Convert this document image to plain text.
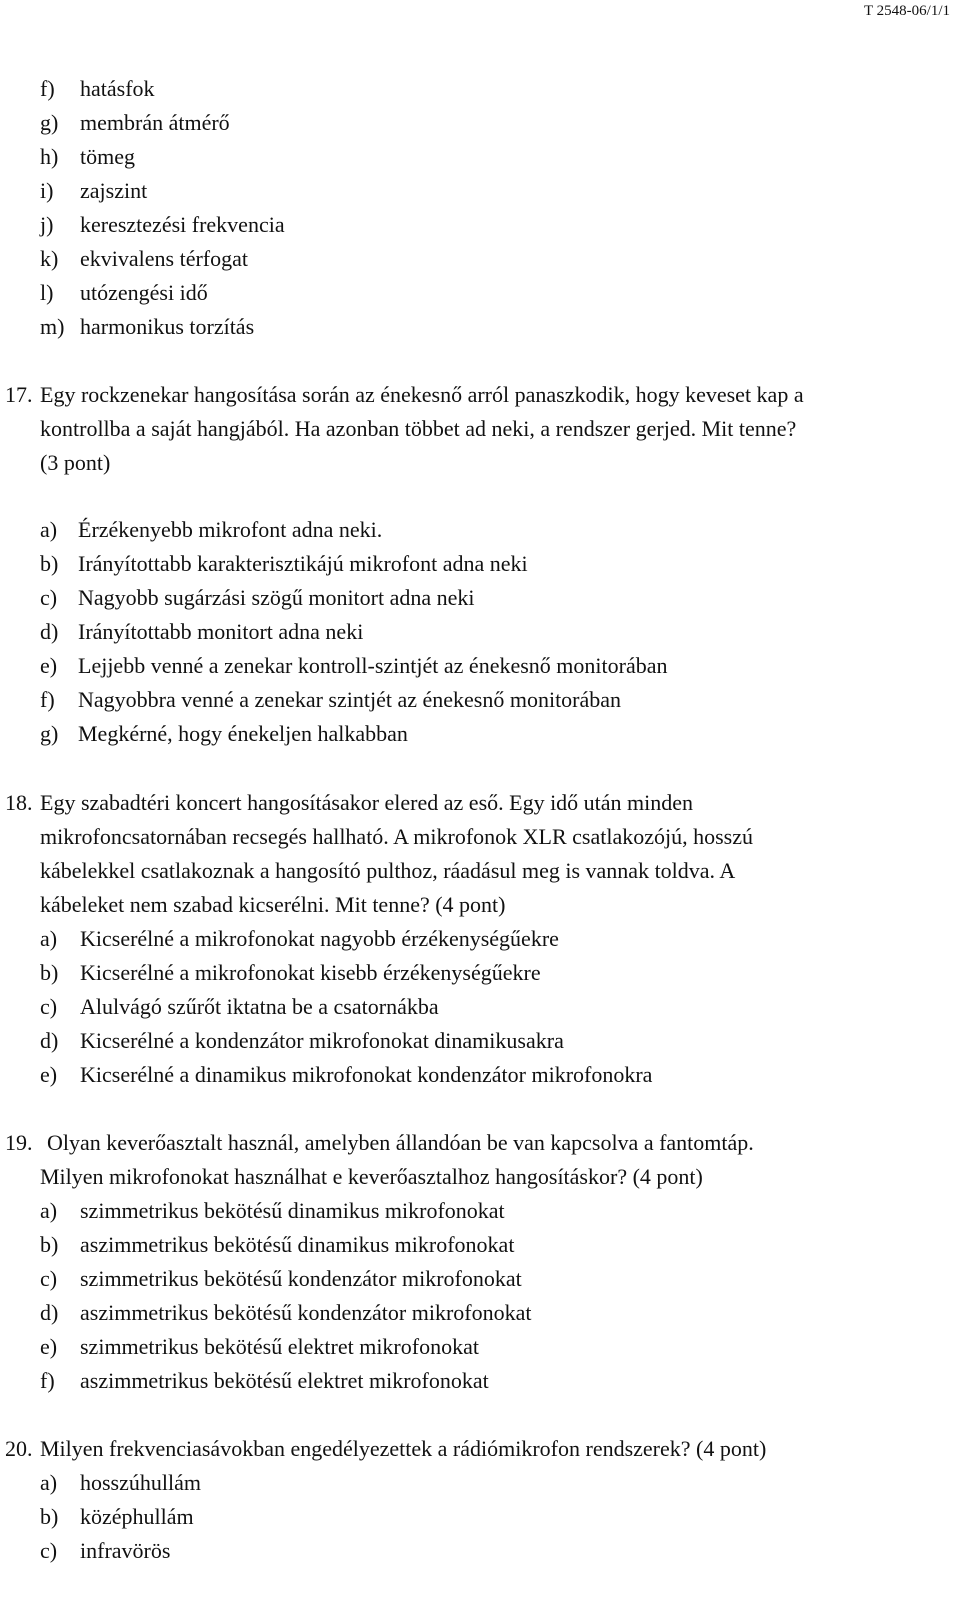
T 2548-06/1/1
f) hatásfok
g) membrán átmérő
h) tömeg
i) zajszint
j) keresztezési frekvencia
k) ekvivalens térfogat
l) utózengési idő
m) harmonikus torzítás
17. Egy rockzenekar hangosítása során az énekesnő arról panaszkodik, hogy keveset kap a
kontrollba a saját hangjából. Ha azonban többet ad neki, a rendszer gerjed. Mit tenne?
(3 pont)
a) Érzékenyebb mikrofont adna neki.
b) Irányítottabb karakterisztikájú mikrofont adna neki
c) Nagyobb sugárzási szögű monitort adna neki
d) Irányítottabb monitort adna neki
e) Lejjebb venné a zenekar kontroll-szintjét az énekesnő monitorában
f) Nagyobbra venné a zenekar szintjét az énekesnő monitorában
g) Megkérné, hogy énekeljen halkabban
18. Egy szabadtéri koncert hangosításakor elered az eső. Egy idő után minden
mikrofoncsatornában recsegés hallható. A mikrofonok XLR csatlakozójú, hosszú
kábelekkel csatlakoznak a hangosító pulthoz, ráadásul meg is vannak toldva. A
kábeleket nem szabad kicserélni. Mit tenne? (4 pont)
a) Kicserélné a mikrofonokat nagyobb érzékenységűekre
b) Kicserélné a mikrofonokat kisebb érzékenységűekre
c) Alulvágó szűrőt iktatna be a csatornákba
d) Kicserélné a kondenzátor mikrofonokat dinamikusakra
e) Kicserélné a dinamikus mikrofonokat kondenzátor mikrofonokra
19. Olyan keverőasztalt használ, amelyben állandóan be van kapcsolva a fantomtáp.
Milyen mikrofonokat használhat e keverőasztalhoz hangosításkor? (4 pont)
a) szimmetrikus bekötésű dinamikus mikrofonokat
b) aszimmetrikus bekötésű dinamikus mikrofonokat
c) szimmetrikus bekötésű kondenzátor mikrofonokat
d) aszimmetrikus bekötésű kondenzátor mikrofonokat
e) szimmetrikus bekötésű elektret mikrofonokat
f) aszimmetrikus bekötésű elektret mikrofonokat
20. Milyen frekvenciasávokban engedélyezettek a rádiómikrofon rendszerek? (4 pont)
a) hosszúhullám
b) középhullám
c) infravörös
